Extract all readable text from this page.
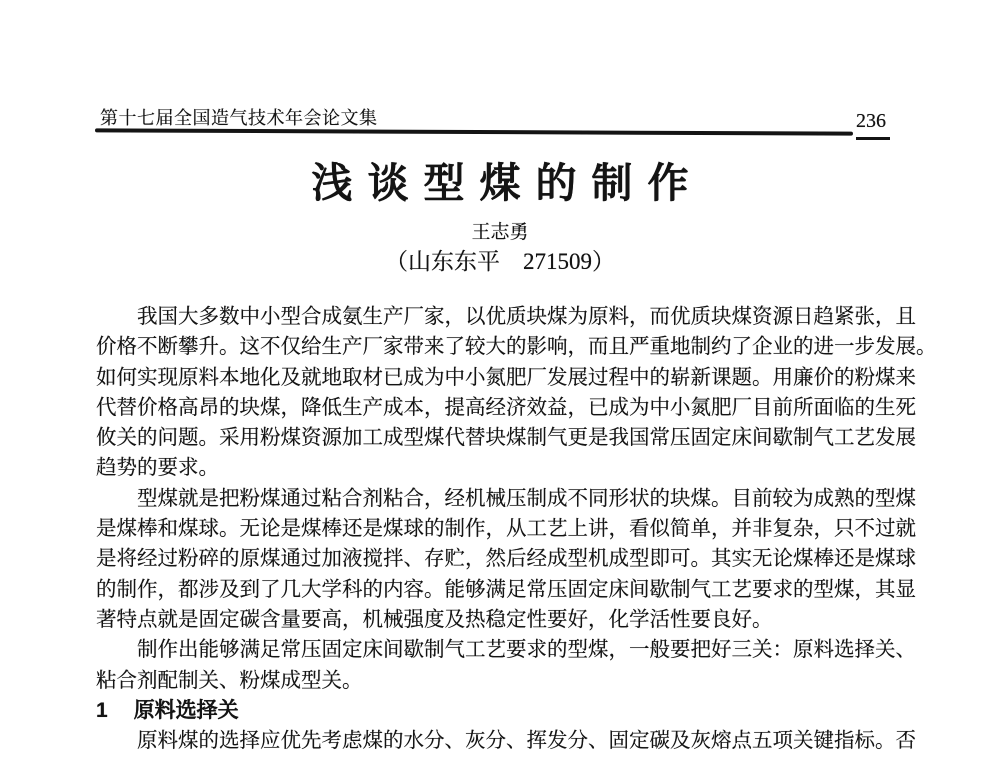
第十七届全国造气技术年会论文集	236
浅谈型煤的制作
王志勇
（山东东平　271509）
我国大多数中小型合成氨生产厂家，以优质块煤为原料，而优质块煤资源日趋紧张，且
价格不断攀升。这不仅给生产厂家带来了较大的影响，而且严重地制约了企业的进一步发展。
如何实现原料本地化及就地取材已成为中小氮肥厂发展过程中的崭新课题。用廉价的粉煤来
代替价格高昂的块煤，降低生产成本，提高经济效益，已成为中小氮肥厂目前所面临的生死
攸关的问题。采用粉煤资源加工成型煤代替块煤制气更是我国常压固定床间歇制气工艺发展
趋势的要求。
型煤就是把粉煤通过粘合剂粘合，经机械压制成不同形状的块煤。目前较为成熟的型煤
是煤棒和煤球。无论是煤棒还是煤球的制作，从工艺上讲，看似简单，并非复杂，只不过就
是将经过粉碎的原煤通过加液搅拌、存贮，然后经成型机成型即可。其实无论煤棒还是煤球
的制作，都涉及到了几大学科的内容。能够满足常压固定床间歇制气工艺要求的型煤，其显
著特点就是固定碳含量要高，机械强度及热稳定性要好，化学活性要良好。
制作出能够满足常压固定床间歇制气工艺要求的型煤，一般要把好三关：原料选择关、
粘合剂配制关、粉煤成型关。
1 原料选择关
原料煤的选择应优先考虑煤的水分、灰分、挥发分、固定碳及灰熔点五项关键指标。否
